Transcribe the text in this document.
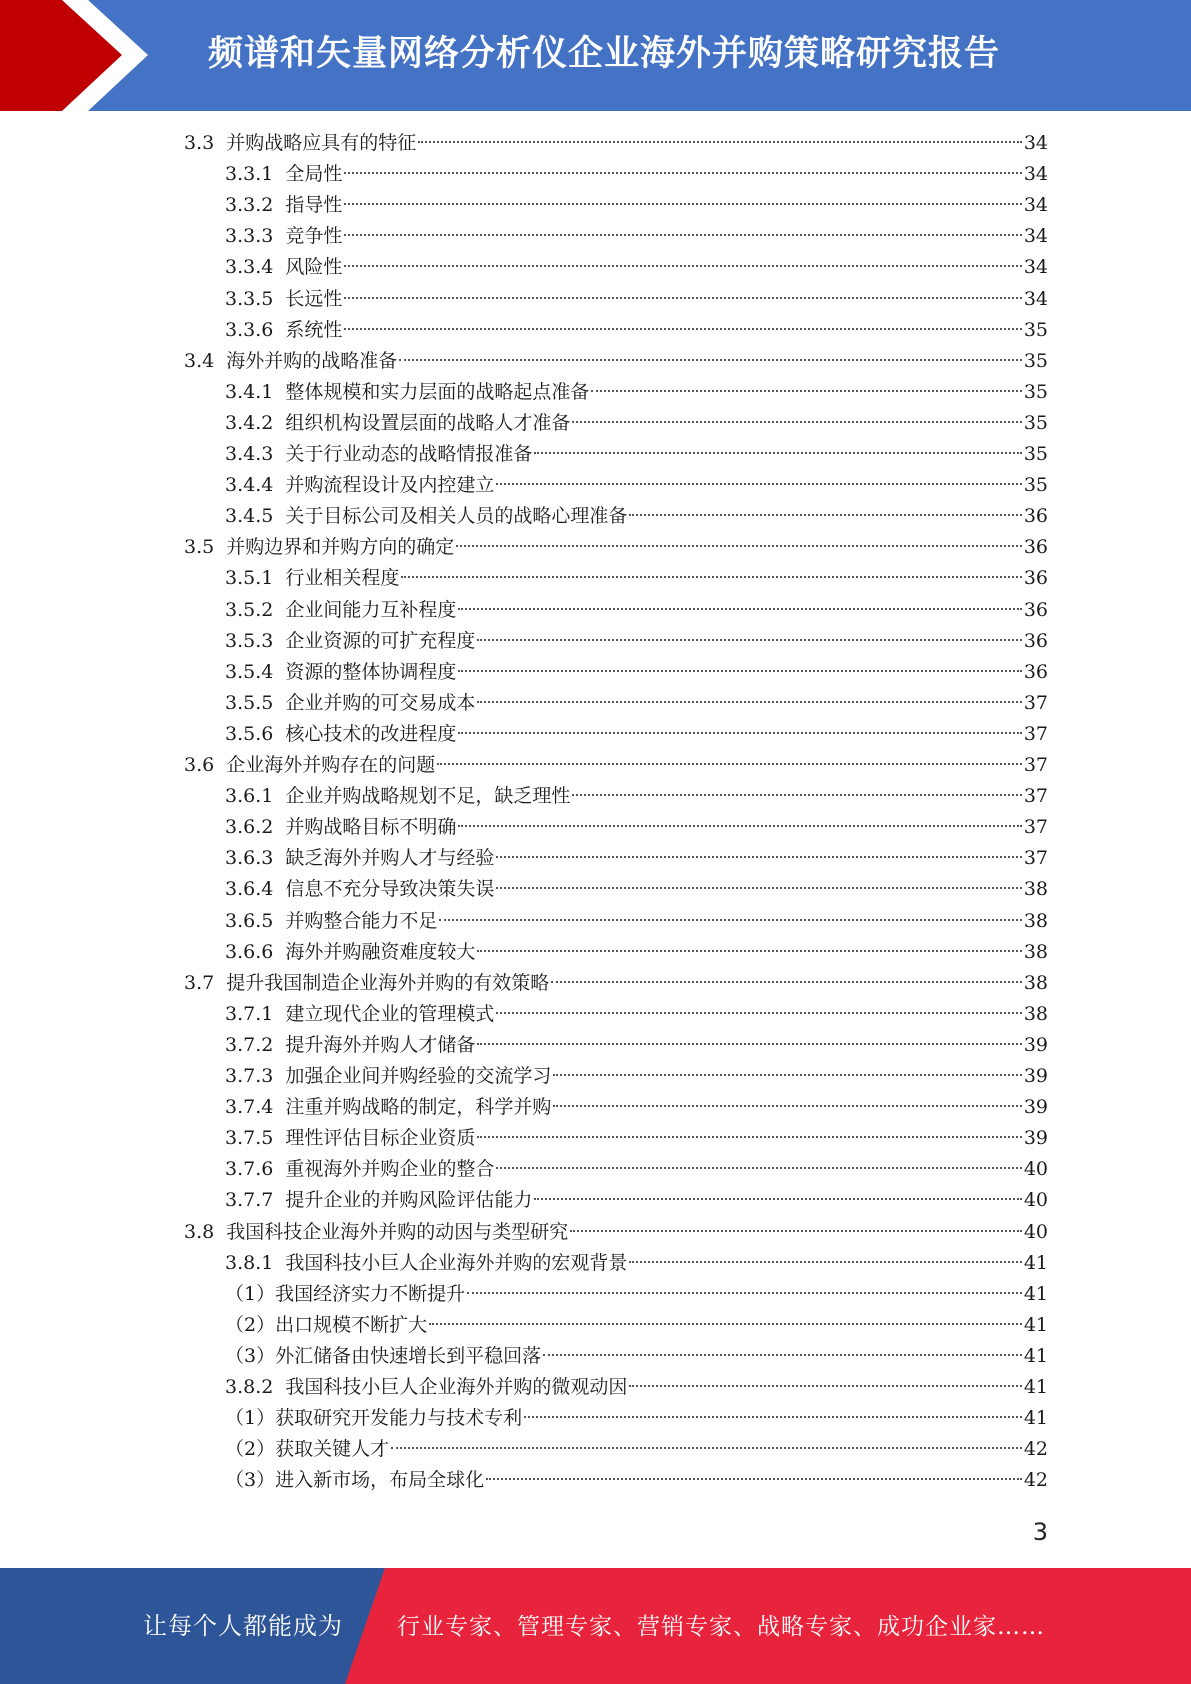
频谱和矢量网络分析仪企业海外并购策略研究报告
3.3 并购战略应具有的特征	34
3.3.1 全局性	34
3.3.2 指导性	34
3.3.3 竞争性	34
3.3.4 风险性	34
3.3.5 长远性	34
3.3.6 系统性	35
3.4 海外并购的战略准备	35
3.4.1 整体规模和实力层面的战略起点准备	35
3.4.2 组织机构设置层面的战略人才准备	35
3.4.3 关于行业动态的战略情报准备	35
3.4.4 并购流程设计及内控建立	35
3.4.5 关于目标公司及相关人员的战略心理准备	36
3.5 并购边界和并购方向的确定	36
3.5.1 行业相关程度	36
3.5.2 企业间能力互补程度	36
3.5.3 企业资源的可扩充程度	36
3.5.4 资源的整体协调程度	36
3.5.5 企业并购的可交易成本	37
3.5.6 核心技术的改进程度	37
3.6 企业海外并购存在的问题	37
3.6.1 企业并购战略规划不足，缺乏理性	37
3.6.2 并购战略目标不明确	37
3.6.3 缺乏海外并购人才与经验	37
3.6.4 信息不充分导致决策失误	38
3.6.5 并购整合能力不足	38
3.6.6 海外并购融资难度较大	38
3.7 提升我国制造企业海外并购的有效策略	38
3.7.1 建立现代企业的管理模式	38
3.7.2 提升海外并购人才储备	39
3.7.3 加强企业间并购经验的交流学习	39
3.7.4 注重并购战略的制定，科学并购	39
3.7.5 理性评估目标企业资质	39
3.7.6 重视海外并购企业的整合	40
3.7.7 提升企业的并购风险评估能力	40
3.8 我国科技企业海外并购的动因与类型研究	40
3.8.1 我国科技小巨人企业海外并购的宏观背景	41
（1）我国经济实力不断提升	41
（2）出口规模不断扩大	41
（3）外汇储备由快速增长到平稳回落	41
3.8.2 我国科技小巨人企业海外并购的微观动因	41
（1）获取研究开发能力与技术专利	41
（2）获取关键人才	42
（3）进入新市场，布局全球化	42
3
让每个人都能成为 行业专家、管理专家、营销专家、战略专家、成功企业家……
